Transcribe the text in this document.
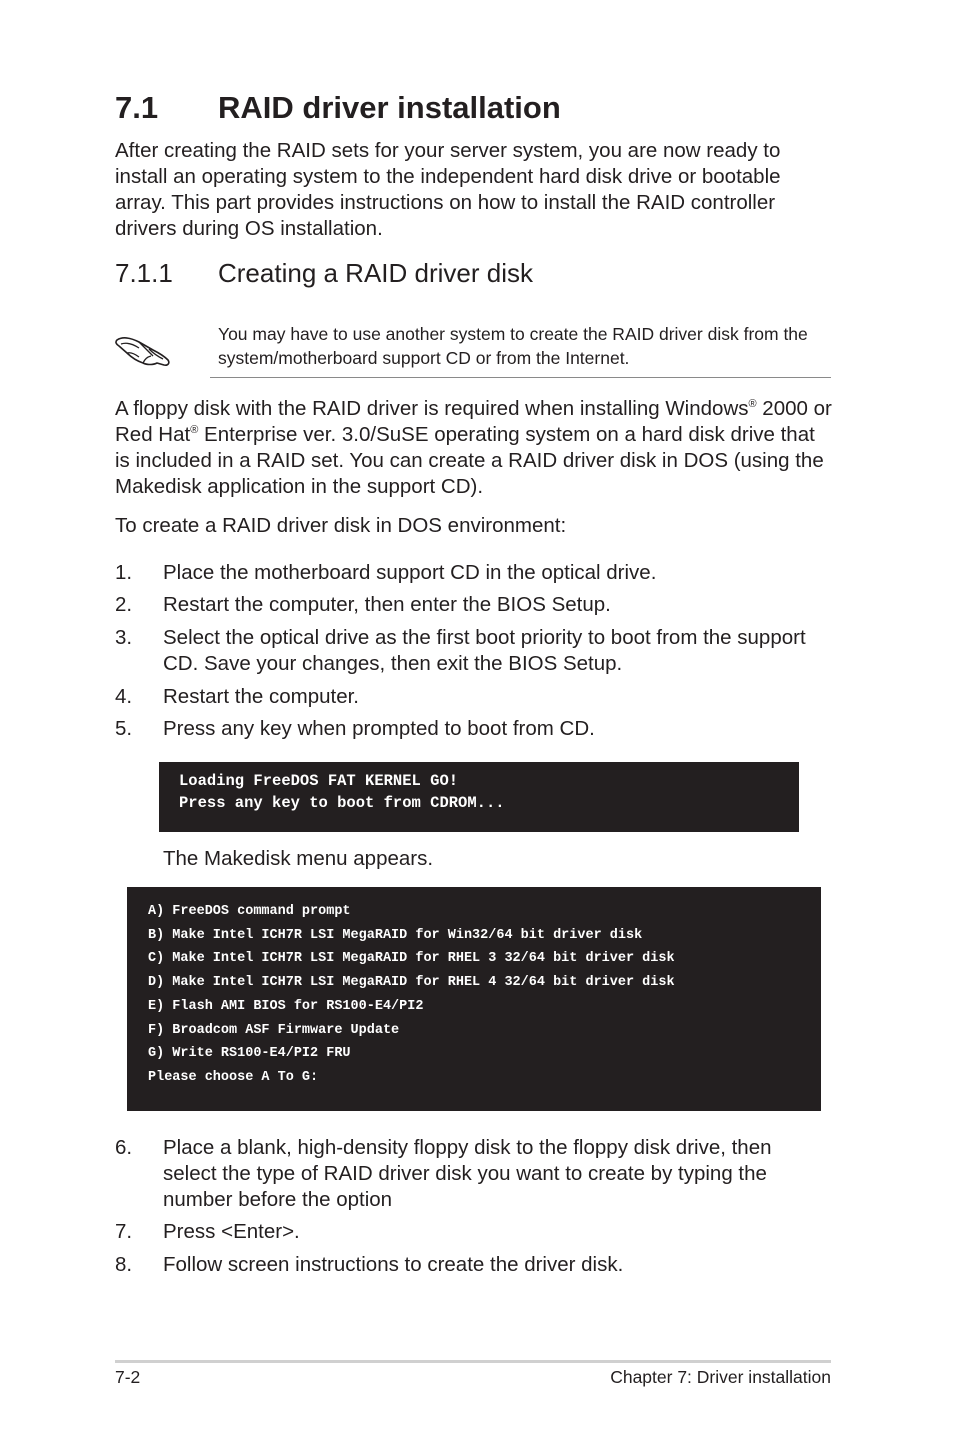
7.1 RAID driver installation

After creating the RAID sets for your server system, you are now ready to install an operating system to the independent hard disk drive or bootable array. This part provides instructions on how to install the RAID controller drivers during OS installation.

7.1.1 Creating a RAID driver disk

You may have to use another system to create the RAID driver disk from the system/motherboard support CD or from the Internet.

A floppy disk with the RAID driver is required when installing Windows® 2000 or Red Hat® Enterprise ver. 3.0/SuSE operating system on a hard disk drive that is included in a RAID set. You can create a RAID driver disk in DOS (using the Makedisk application in the support CD).

To create a RAID driver disk in DOS environment:

1. Place the motherboard support CD in the optical drive.
2. Restart the computer, then enter the BIOS Setup.
3. Select the optical drive as the first boot priority to boot from the support CD. Save your changes, then exit the BIOS Setup.
4. Restart the computer.
5. Press any key when prompted to boot from CD.
Loading FreeDOS FAT KERNEL GO!
Press any key to boot from CDROM...

The Makedisk menu appears.

A) FreeDOS command prompt
B) Make Intel ICH7R LSI MegaRAID for Win32/64 bit driver disk
C) Make Intel ICH7R LSI MegaRAID for RHEL 3 32/64 bit driver disk
D) Make Intel ICH7R LSI MegaRAID for RHEL 4 32/64 bit driver disk
E) Flash AMI BIOS for RS100-E4/PI2
F) Broadcom ASF Firmware Update
G) Write RS100-E4/PI2 FRU
Please choose A To G:
6. Place a blank, high-density floppy disk to the floppy disk drive, then select the type of RAID driver disk you want to create by typing the number before the option
7. Press <Enter>.
8. Follow screen instructions to create the driver disk.

7-2	Chapter 7: Driver installation
